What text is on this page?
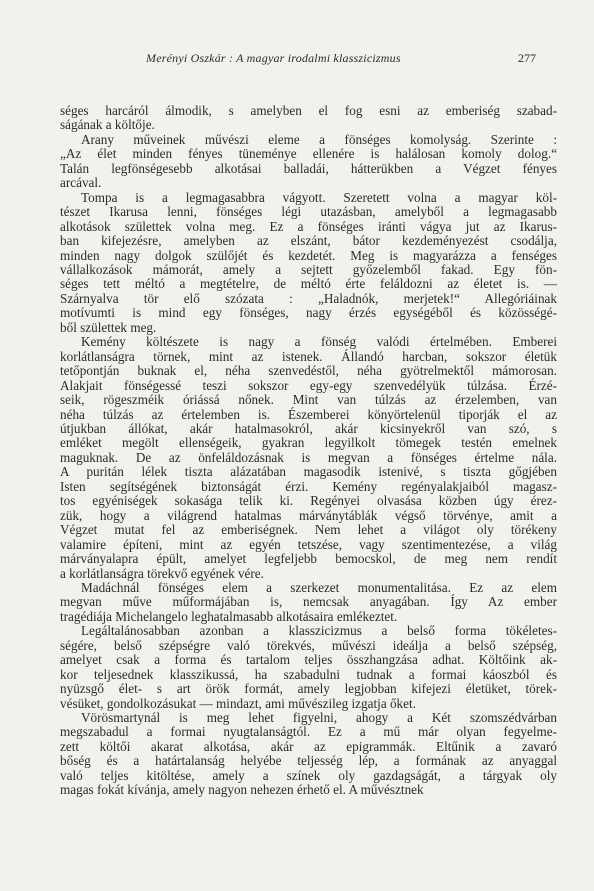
Merényi Oszkár : A magyar irodalmi klasszicizmus	277
séges harcáról álmodik, s amelyben el fog esni az emberiség szabad-
ságának a költője.
Arany műveinek művészi eleme a fönséges komolyság. Szerinte :
„Az élet minden fényes tüneménye ellenére is halálosan komoly dolog.“
Talán legfönségesebb alkotásai balladái, hátterükben a Végzet fényes
arcával.
Tompa is a legmagasabbra vágyott. Szeretett volna a magyar köl-
tészet Ikarusa lenni, fönséges légi utazásban, amelyből a legmagasabb
alkotások születtek volna meg. Ez a fönséges iránti vágya jut az Ikarus-
ban kifejezésre, amelyben az elszánt, bátor kezdeményezést csodálja,
minden nagy dolgok szülőjét és kezdetét. Meg is magyarázza a fenséges
vállalkozások mámorát, amely a sejtett győzelemből fakad. Egy fön-
séges tett méltó a megtételre, de méltó érte feláldozni az életet is. —
Szárnyalva tör elő szózata : „Haladnók, merjetek!“ Allegóriáinak
motívumti is mind egy fönséges, nagy érzés egységéből és közösségé-
ből születtek meg.
Kemény költészete is nagy a fönség valódi értelmében. Emberei
korlátlanságra törnek, mint az istenek. Állandó harcban, sokszor életük
tetőpontján buknak el, néha szenvedéstől, néha gyötrelmektől mámorosan.
Alakjait fönségessé teszi sokszor egy-egy szenvedélyük túlzása. Érzé-
seik, rögeszméik óriássá nőnek. Mint van túlzás az érzelemben, van
néha túlzás az értelemben is. Észemberei könyörtelenül tiporják el az
útjukban állókat, akár hatalmasokról, akár kicsinyekről van szó, s
emléket megölt ellenségeik, gyakran legyilkolt tömegek testén emelnek
maguknak. De az önfeláldozásnak is megvan a fönséges értelme nála.
A puritán lélek tiszta alázatában magasodik istenivé, s tiszta gőgjében
Isten segítségének biztonságát érzi. Kemény regényalakjaiból magasz-
tos egyéniségek sokasága telik ki. Regényei olvasása közben úgy érez-
zük, hogy a világrend hatalmas márványtáblák végső törvénye, amit a
Végzet mutat fel az emberiségnek. Nem lehet a világot oly törékeny
valamire építeni, mint az egyén tetszése, vagy szentimentezése, a világ
márványalapra épült, amelyet legfeljebb bemocskol, de meg nem rendít
a korlátlanságra törekvő egyének vére.
Madáchnál fönséges elem a szerkezet monumentalitása. Ez az elem
megvan műve műformájában is, nemcsak anyagában. Így Az ember
tragédiája Michelangelo leghatalmasabb alkotásaira emlékeztet.
Legáltalánosabban azonban a klasszicizmus a belső forma tökéletes-
ségére, belső szépségre való törekvés, művészi ideálja a belső szépség,
amelyet csak a forma és tartalom teljes összhangzása adhat. Költőink ak-
kor teljesednek klasszikussá, ha szabadulni tudnak a formai káoszból és
nyüzsgő élet- s art örök formát, amely legjobban kifejezi életüket, törek-
vésüket, gondolkozásukat — mindazt, ami művészileg izgatja őket.
Vörösmartynál is meg lehet figyelni, ahogy a Két szomszédvárban
megszabadul a formai nyugtalanságtól. Ez a mű már olyan fegyelme-
zett költői akarat alkotása, akár az epigrammák. Eltűnik a zavaró
bőség és a határtalanság helyébe teljesség lép, a formának az anyaggal
való teljes kitöltése, amely a színek oly gazdagságát, a tárgyak oly
magas fokát kívánja, amely nagyon nehezen érhető el. A művésztnek
